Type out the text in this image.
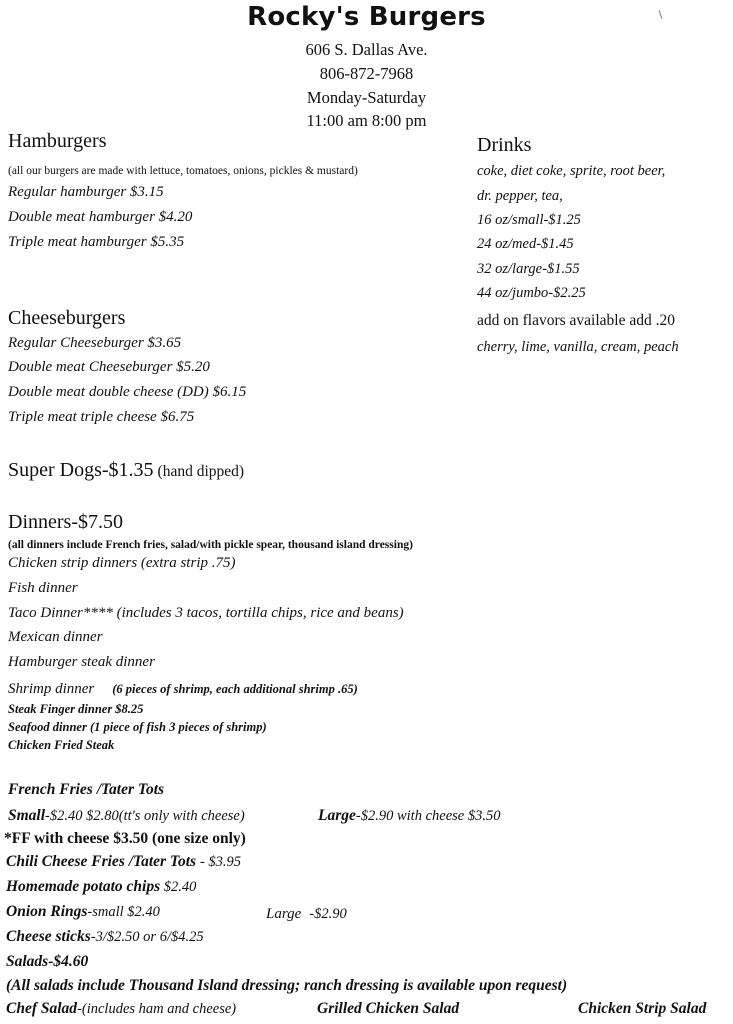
Rocky's Burgers
606 S. Dallas Ave.
806-872-7968
Monday-Saturday
11:00 am 8:00 pm
Hamburgers
(all our burgers are made with lettuce, tomatoes, onions, pickles & mustard)
Regular hamburger $3.15
Double meat hamburger $4.20
Triple meat hamburger $5.35
Drinks
coke, diet coke, sprite, root beer,
dr. pepper, tea,
16 oz/small-$1.25
24 oz/med-$1.45
32 oz/large-$1.55
44 oz/jumbo-$2.25
add on flavors available add .20
cherry, lime, vanilla, cream, peach
Cheeseburgers
Regular Cheeseburger $3.65
Double meat Cheeseburger $5.20
Double meat double cheese (DD) $6.15
Triple meat triple cheese $6.75
Super Dogs-$1.35 (hand dipped)
Dinners-$7.50
(all dinners include French fries, salad/with pickle spear, thousand island dressing)
Chicken strip dinners (extra strip .75)
Fish dinner
Taco Dinner**** (includes 3 tacos, tortilla chips, rice and beans)
Mexican dinner
Hamburger steak dinner
Shrimp dinner (6 pieces of shrimp, each additional shrimp .65)
Steak Finger dinner $8.25
Seafood dinner (1 piece of fish 3 pieces of shrimp)
Chicken Fried Steak
French Fries /Tater Tots
Small-$2.40 $2.80(tt's only with cheese)	Large-$2.90 with cheese $3.50
*FF with cheese $3.50 (one size only)
Chili Cheese Fries /Tater Tots - $3.95
Homemade potato chips $2.40
Onion Rings-small $2.40	Large -$2.90
Cheese sticks-3/$2.50 or 6/$4.25
Salads-$4.60
(All salads include Thousand Island dressing; ranch dressing is available upon request)
Chef Salad-(includes ham and cheese)	Grilled Chicken Salad	Chicken Strip Salad
